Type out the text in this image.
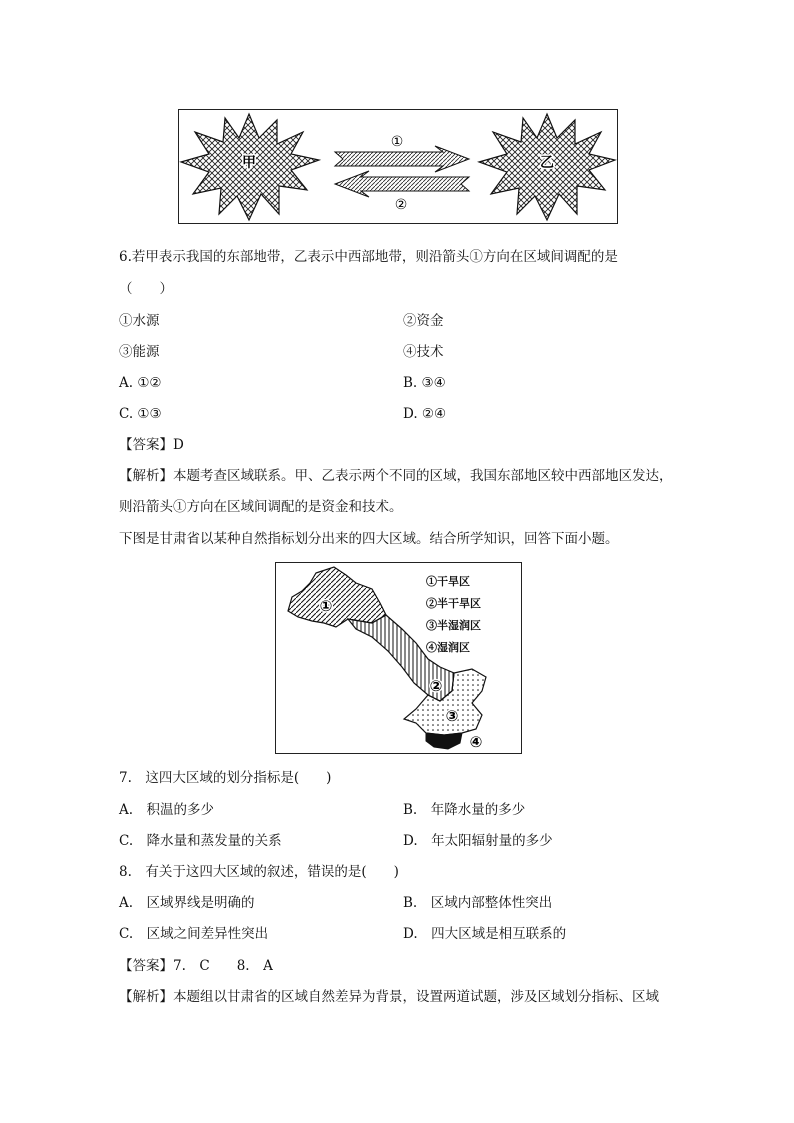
甲	乙
①
②
6.若甲表示我国的东部地带，乙表示中西部地带，则沿箭头①方向在区域间调配的是
（　　）
①水源	②资金
③能源	④技术
A. ①②	B. ③④
C. ①③	D. ②④
【答案】D
【解析】本题考查区域联系。甲、乙表示两个不同的区域，我国东部地区较中西部地区发达，
则沿箭头①方向在区域间调配的是资金和技术。
下图是甘肃省以某种自然指标划分出来的四大区域。结合所学知识，回答下面小题。
①
②
③
④
①干旱区
②半干旱区
③半湿润区
④湿润区
7.　这四大区域的划分指标是(　　)
A.　积温的多少	B.　年降水量的多少
C.　降水量和蒸发量的关系	D.　年太阳辐射量的多少
8.　有关于这四大区域的叙述，错误的是(　　)
A.　区域界线是明确的	B.　区域内部整体性突出
C.　区域之间差异性突出	D.　四大区域是相互联系的
【答案】7.　C　　8.　A
【解析】本题组以甘肃省的区域自然差异为背景，设置两道试题，涉及区域划分指标、区域
